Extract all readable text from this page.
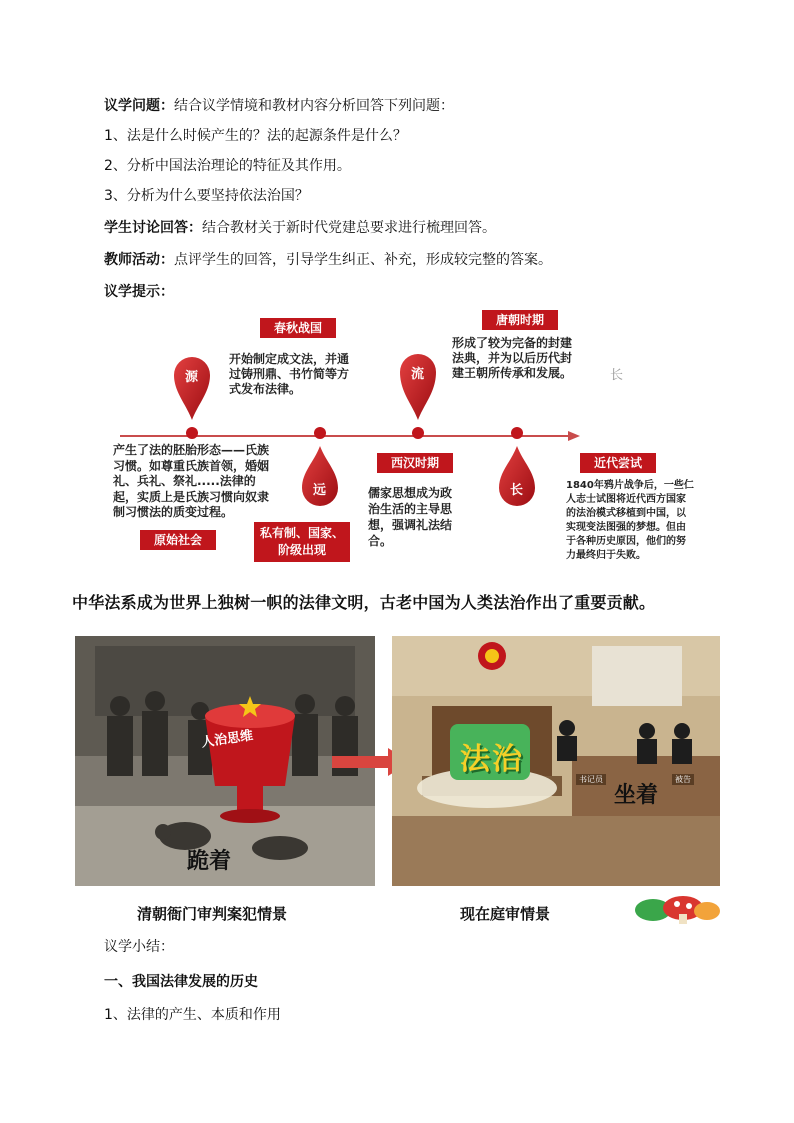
议学问题：结合议学情境和教材内容分析回答下列问题：
1、法是什么时候产生的？法的起源条件是什么？
2、分析中国法治理论的特征及其作用。
3、分析为什么要坚持依法治国？
学生讨论回答：结合教材关于新时代党建总要求进行梳理回答。
教师活动：点评学生的回答，引导学生纠正、补充，形成较完整的答案。
议学提示：
源
远
流
长
长
春秋战国
唐朝时期
西汉时期	近代尝试
原始社会	私有制、国家、阶级出现
开始制定成文法，并通
过铸刑鼎、书竹简等方
式发布法律。
形成了较为完备的封建
法典，并为以后历代封
建王朝所传承和发展。
产生了法的胚胎形态——氏族
习惯。如尊重氏族首领，婚姻
礼、兵礼、祭礼.....法律的
起，实质上是氏族习惯向奴隶
制习惯法的质变过程。
儒家思想成为政
治生活的主导思
想，强调礼法结
合。
1840年鸦片战争后，一些仁
人志士试图将近代西方国家
的法治模式移植到中国，以
实现变法图强的梦想。但由
于各种历史原因，他们的努
力最终归于失败。
中华法系成为世界上独树一帜的法律文明，古老中国为人类法治作出了重要贡献。
人治思维
跪着
法治
书记员	被告
坐着
清朝衙门审判案犯情景	现在庭审情景
议学小结：
一、我国法律发展的历史
1、法律的产生、本质和作用
